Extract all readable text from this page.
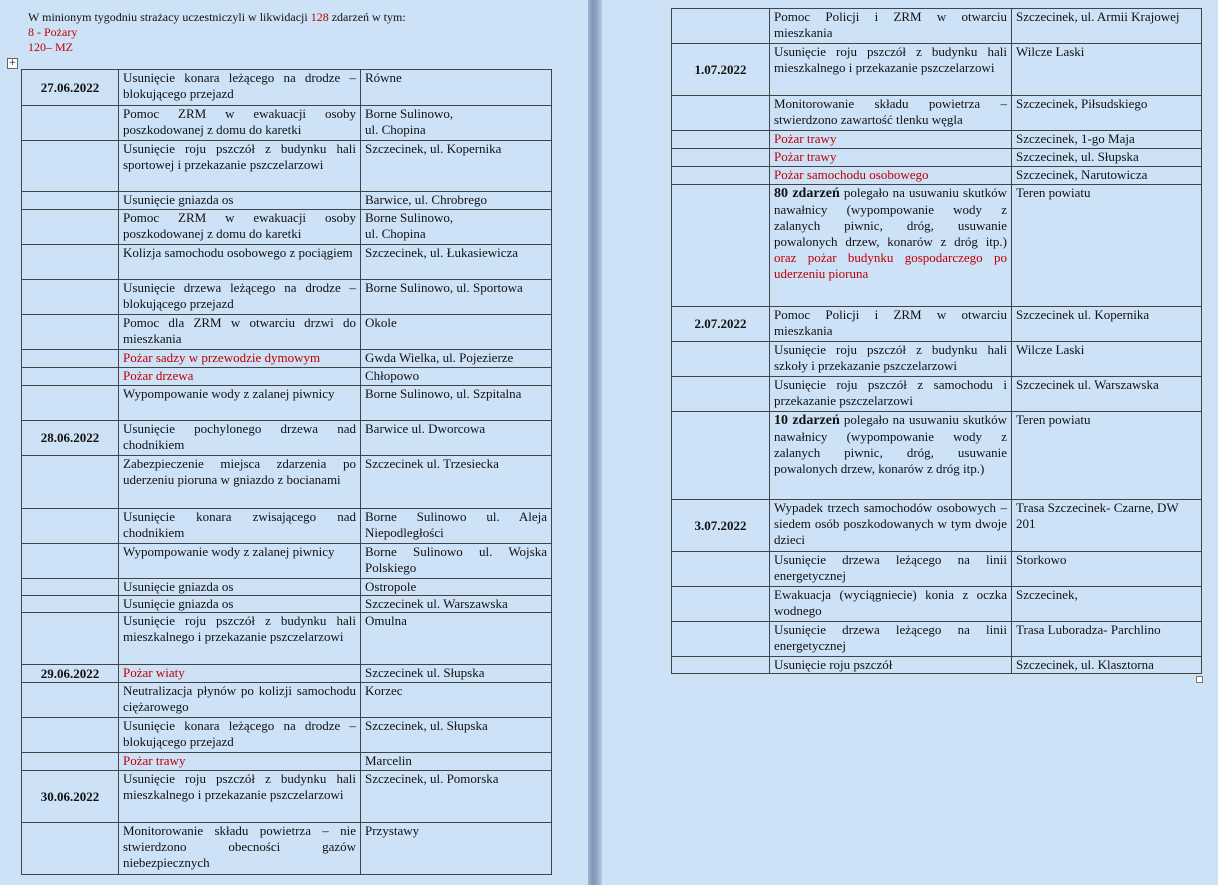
W minionym tygodniu strażacy uczestniczyli w likwidacji 128 zdarzeń w tym:
8 - Pożary
120– MZ
+
27.06.2022	Usunięcie konara leżącego na drodze –blokującego przejazd	Równe
	Pomoc ZRM w ewakuacji osoby poszkodowanej z domu do karetki	Borne Sulinowo,
ul. Chopina
	Usunięcie roju pszczół z budynku hali sportowej i przekazanie pszczelarzowi	Szczecinek, ul. Kopernika
	Usunięcie gniazda os	Barwice, ul. Chrobrego
	Pomoc ZRM w ewakuacji osoby poszkodowanej z domu do karetki	Borne Sulinowo,
ul. Chopina
	Kolizja samochodu osobowego z pociągiem	Szczecinek, ul. Łukasiewicza
	Usunięcie drzewa leżącego na drodze – blokującego przejazd	Borne Sulinowo, ul. Sportowa
	Pomoc dla ZRM w otwarciu drzwi do mieszkania	Okole
	Pożar sadzy w przewodzie dymowym	Gwda Wielka, ul. Pojezierze
	Pożar drzewa	Chłopowo
	Wypompowanie wody z zalanej piwnicy	Borne Sulinowo, ul. Szpitalna
28.06.2022	Usunięcie pochylonego drzewa nad chodnikiem	Barwice ul. Dworcowa
	Zabezpieczenie miejsca zdarzenia po uderzeniu pioruna w gniazdo z bocianami	Szczecinek ul. Trzesiecka
	Usunięcie konara zwisającego nad chodnikiem	Borne Sulinowo ul. Aleja Niepodległości
	Wypompowanie wody z zalanej piwnicy	Borne Sulinowo ul. Wojska Polskiego
	Usunięcie gniazda os	Ostropole
	Usunięcie gniazda os	Szczecinek ul. Warszawska
	Usunięcie roju pszczół z budynku hali mieszkalnego i przekazanie pszczelarzowi	Omulna
29.06.2022	Pożar wiaty	Szczecinek ul. Słupska
	Neutralizacja płynów po kolizji samochodu ciężarowego	Korzec
	Usunięcie konara leżącego na drodze –blokującego przejazd	Szczecinek, ul. Słupska
	Pożar trawy	Marcelin
30.06.2022	Usunięcie roju pszczół z budynku hali mieszkalnego i przekazanie pszczelarzowi	Szczecinek, ul. Pomorska
	Monitorowanie składu powietrza – nie stwierdzono obecności gazów niebezpiecznych	Przystawy
	Pomoc Policji i ZRM w otwarciu mieszkania	Szczecinek, ul. Armii Krajowej
1.07.2022	Usunięcie roju pszczół z budynku hali mieszkalnego i przekazanie pszczelarzowi	Wilcze Laski
	Monitorowanie składu powietrza – stwierdzono zawartość tlenku węgla	Szczecinek, Piłsudskiego
	Pożar trawy	Szczecinek, 1-go Maja
	Pożar trawy	Szczecinek, ul. Słupska
	Pożar samochodu osobowego	Szczecinek, Narutowicza
	80 zdarzeń polegało na usuwaniu skutków nawałnicy (wypompowanie wody z zalanych piwnic, dróg, usuwanie powalonych drzew, konarów z dróg itp.) oraz pożar budynku gospodarczego po uderzeniu pioruna	Teren powiatu
2.07.2022	Pomoc Policji i ZRM w otwarciu mieszkania	Szczecinek ul. Kopernika
	Usunięcie roju pszczół z budynku hali szkoły i przekazanie pszczelarzowi	Wilcze Laski
	Usunięcie roju pszczół z samochodu i przekazanie pszczelarzowi	Szczecinek ul. Warszawska
	10 zdarzeń polegało na usuwaniu skutków nawałnicy (wypompowanie wody z zalanych piwnic, dróg, usuwanie powalonych drzew, konarów z dróg itp.)	Teren powiatu
3.07.2022	Wypadek trzech samochodów osobowych – siedem osób poszkodowanych w tym dwoje dzieci	Trasa Szczecinek- Czarne, DW 201
	Usunięcie drzewa leżącego na linii energetycznej	Storkowo
	Ewakuacja (wyciągniecie) konia z oczka wodnego	Szczecinek,
	Usunięcie drzewa leżącego na linii energetycznej	Trasa Luboradza- Parchlino
	Usunięcie roju pszczół	Szczecinek, ul. Klasztorna
